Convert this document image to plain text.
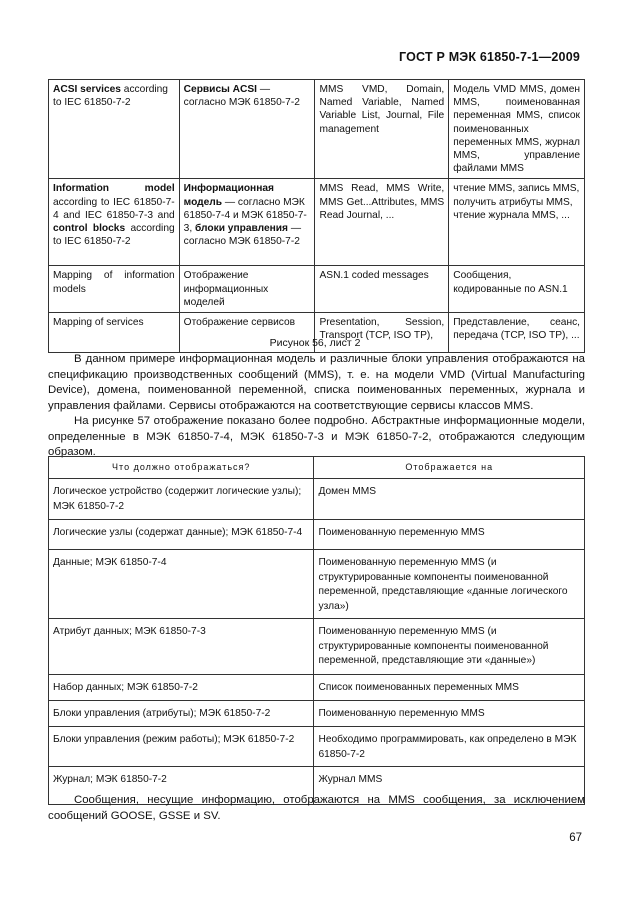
ГОСТ Р МЭК 61850-7-1—2009
ACSI services according to IEC 61850-7-2	Сервисы ACSI — согласно МЭК 61850-7-2	MMS VMD, Domain, Named Variable, Named Variable List, Journal, File management	Модель VMD MMS, домен MMS, поименованная переменная MMS, список поименованных переменных MMS, журнал MMS, управление файлами MMS
Information model according to IEC 61850-7-4 and IEC 61850-7-3 and control blocks according to IEC 61850-7-2	Информационная модель — согласно МЭК 61850-7-4 и МЭК 61850-7-3, блоки управления — согласно МЭК 61850-7-2	MMS Read, MMS Write, MMS Get...Attributes, MMS Read Journal, ...	чтение MMS, запись MMS, получить атрибуты MMS, чтение журнала MMS, ...
Mapping of information models	Отображение информационных моделей	ASN.1 coded messages	Сообщения, кодированные по ASN.1
Mapping of services	Отображение сервисов	Presentation, Session, Transport (TCP, ISO TP),	Представление, сеанс, передача (TCP, ISO TP), ...
Рисунок 56, лист 2

В данном примере информационная модель и различные блоки управления отображаются на спецификацию производственных сообщений (MMS), т. е. на модели VMD (Virtual Manufacturing Device), домена, поименованной переменной, списка поименованных переменных, журнала и управления файлами. Сервисы отображаются на соответствующие сервисы классов MMS.

На рисунке 57 отображение показано более подробно. Абстрактные информационные модели, определенные в МЭК 61850-7-4, МЭК 61850-7-3 и МЭК 61850-7-2, отображаются следующим образом.

Что должно отображаться?	Отображается на
Логическое устройство (содержит логические узлы); МЭК 61850-7-2	Домен MMS
Логические узлы (содержат данные); МЭК 61850-7-4	Поименованную переменную MMS
Данные; МЭК 61850-7-4	Поименованную переменную MMS (и структурированные компоненты поименованной переменной, представляющие «данные логического узла»)
Атрибут данных; МЭК 61850-7-3	Поименованную переменную MMS (и структурированные компоненты поименованной переменной, представляющие эти «данные»)
Набор данных; МЭК 61850-7-2	Список поименованных переменных MMS
Блоки управления (атрибуты); МЭК 61850-7-2	Поименованную переменную MMS
Блоки управления (режим работы); МЭК 61850-7-2	Необходимо программировать, как определено в МЭК 61850-7-2
Журнал; МЭК 61850-7-2	Журнал MMS

Сообщения, несущие информацию, отображаются на MMS сообщения, за исключением сообщений GOOSE, GSSE и SV.

67
